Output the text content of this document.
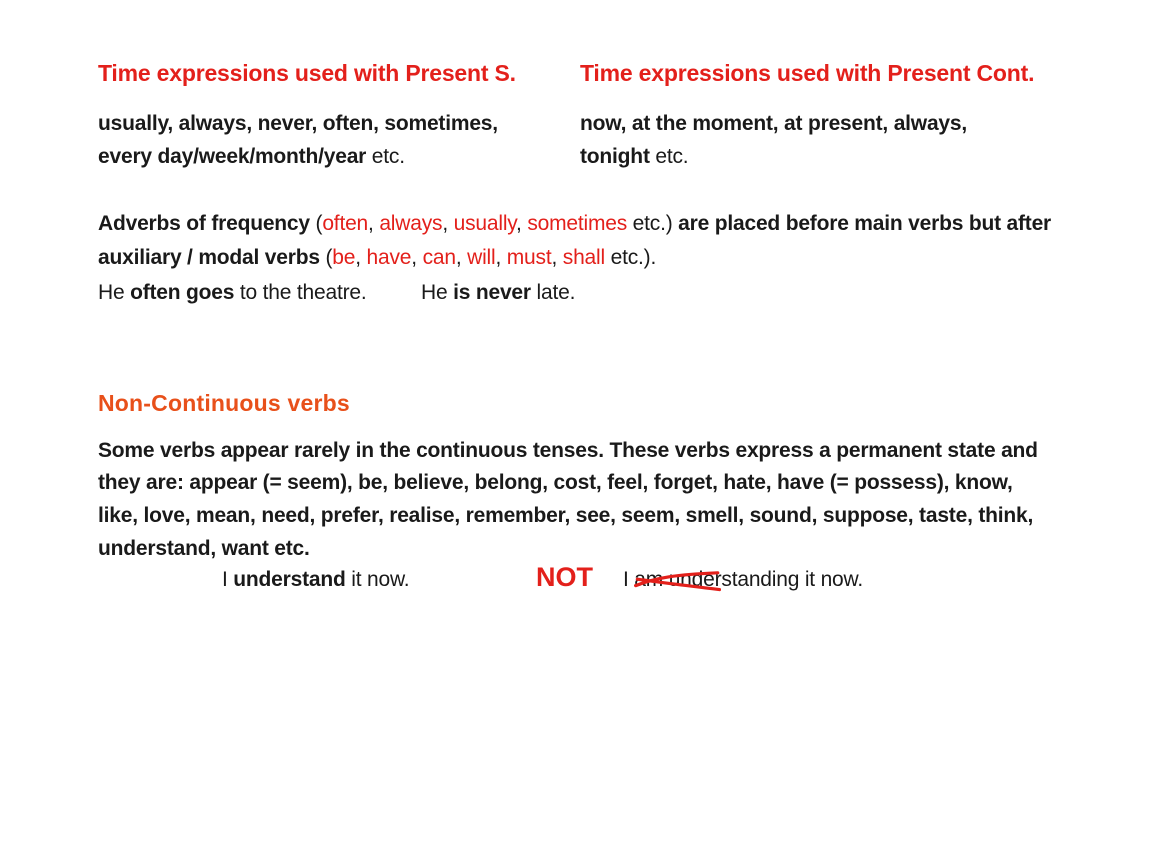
Time expressions used with Present S.
usually, always, never, often, sometimes,
every day/week/month/year etc.
Time expressions used with Present Cont.
now, at the moment, at present, always,
tonight etc.
Adverbs of frequency (often, always, usually, sometimes etc.) are placed before main verbs but after
auxiliary / modal verbs (be, have, can, will, must, shall etc.).
He often goes to the theatre.	He is never late.
Non-Continuous verbs
Some verbs appear rarely in the continuous tenses. These verbs express a permanent state and
they are: appear (= seem), be, believe, belong, cost, feel, forget, hate, have (= possess), know,
like, love, mean, need, prefer, realise, remember, see, seem, smell, sound, suppose, taste, think,
understand, want etc.
I understand it now.	NOT I am under
standing it now.
